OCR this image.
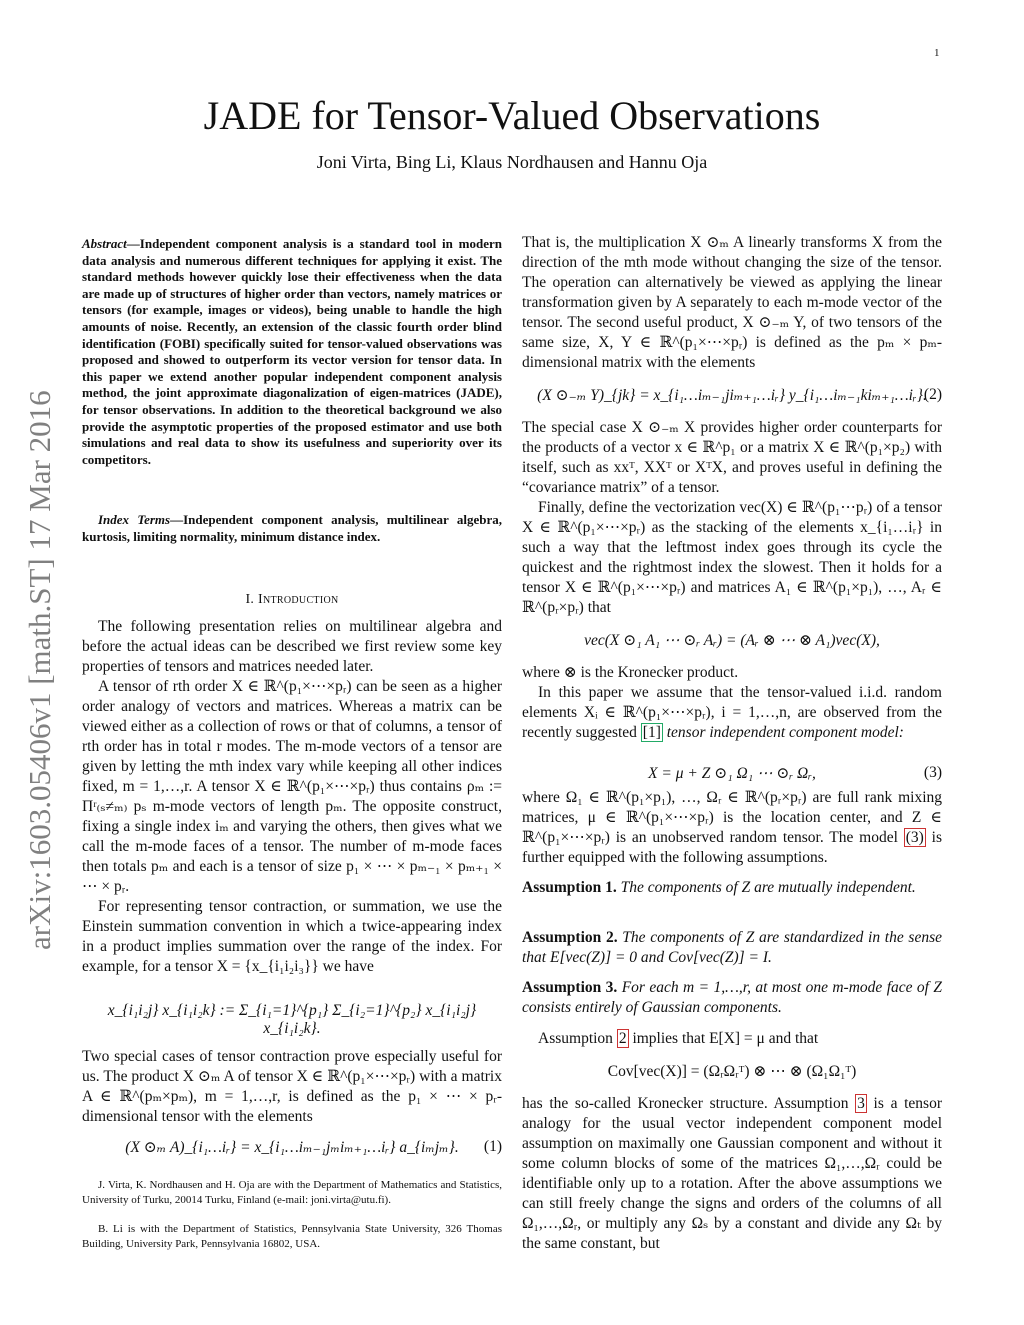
1
JADE for Tensor-Valued Observations
Joni Virta, Bing Li, Klaus Nordhausen and Hannu Oja
arXiv:1603.05406v1 [math.ST] 17 Mar 2016
Abstract—Independent component analysis is a standard tool in modern data analysis and numerous different techniques for applying it exist. The standard methods however quickly lose their effectiveness when the data are made up of structures of higher order than vectors, namely matrices or tensors (for example, images or videos), being unable to handle the high amounts of noise. Recently, an extension of the classic fourth order blind identification (FOBI) specifically suited for tensor-valued observations was proposed and showed to outperform its vector version for tensor data. In this paper we extend another popular independent component analysis method, the joint approximate diagonalization of eigen-matrices (JADE), for tensor observations. In addition to the theoretical background we also provide the asymptotic properties of the proposed estimator and use both simulations and real data to show its usefulness and superiority over its competitors.
Index Terms—Independent component analysis, multilinear algebra, kurtosis, limiting normality, minimum distance index.
I. Introduction
The following presentation relies on multilinear algebra and before the actual ideas can be described we first review some key properties of tensors and matrices needed later.
A tensor of rth order X ∈ ℝ^(p₁×⋯×pᵣ) can be seen as a higher order analogy of vectors and matrices. Whereas a matrix can be viewed either as a collection of rows or that of columns, a tensor of rth order has in total r modes. The m-mode vectors of a tensor are given by letting the mth index vary while keeping all other indices fixed, m = 1,…,r. A tensor X ∈ ℝ^(p₁×⋯×pᵣ) thus contains ρₘ := Πʳ₍ₛ≠ₘ₎ pₛ m-mode vectors of length pₘ. The opposite construct, fixing a single index iₘ and varying the others, then gives what we call the m-mode faces of a tensor. The number of m-mode faces then totals pₘ and each is a tensor of size p₁ × ⋯ × pₘ₋₁ × pₘ₊₁ × ⋯ × pᵣ.
For representing tensor contraction, or summation, we use the Einstein summation convention in which a twice-appearing index in a product implies summation over the range of the index. For example, for a tensor X = {x_{i₁i₂i₃}} we have
x_{i₁i₂j} x_{i₁i₂k} := Σ_{i₁=1}^{p₁} Σ_{i₂=1}^{p₂} x_{i₁i₂j} x_{i₁i₂k}.
Two special cases of tensor contraction prove especially useful for us. The product X ⊙ₘ A of tensor X ∈ ℝ^(p₁×⋯×pᵣ) with a matrix A ∈ ℝ^(pₘ×pₘ), m = 1,…,r, is defined as the p₁ × ⋯ × pᵣ-dimensional tensor with the elements
(X ⊙ₘ A)_{i₁…iᵣ} = x_{i₁…iₘ₋₁jₘiₘ₊₁…iᵣ} a_{iₘjₘ}. (1)
J. Virta, K. Nordhausen and H. Oja are with the Department of Mathematics and Statistics, University of Turku, 20014 Turku, Finland (e-mail: joni.virta@utu.fi).
B. Li is with the Department of Statistics, Pennsylvania State University, 326 Thomas Building, University Park, Pennsylvania 16802, USA.
That is, the multiplication X ⊙ₘ A linearly transforms X from the direction of the mth mode without changing the size of the tensor. The operation can alternatively be viewed as applying the linear transformation given by A separately to each m-mode vector of the tensor. The second useful product, X ⊙₋ₘ Y, of two tensors of the same size, X, Y ∈ ℝ^(p₁×⋯×pᵣ) is defined as the pₘ × pₘ-dimensional matrix with the elements
(X ⊙₋ₘ Y)_{jk} = x_{i₁…iₘ₋₁jiₘ₊₁…iᵣ} y_{i₁…iₘ₋₁kiₘ₊₁…iᵣ}.
(2)
The special case X ⊙₋ₘ X provides higher order counterparts for the products of a vector x ∈ ℝ^p₁ or a matrix X ∈ ℝ^(p₁×p₂) with itself, such as xxᵀ, XXᵀ or XᵀX, and proves useful in defining the “covariance matrix” of a tensor.
Finally, define the vectorization vec(X) ∈ ℝ^(p₁⋯pᵣ) of a tensor X ∈ ℝ^(p₁×⋯×pᵣ) as the stacking of the elements x_{i₁…iᵣ} in such a way that the leftmost index goes through its cycle the quickest and the rightmost index the slowest. Then it holds for a tensor X ∈ ℝ^(p₁×⋯×pᵣ) and matrices A₁ ∈ ℝ^(p₁×p₁), …, Aᵣ ∈ ℝ^(pᵣ×pᵣ) that
vec(X ⊙₁ A₁ ⋯ ⊙ᵣ Aᵣ) = (Aᵣ ⊗ ⋯ ⊗ A₁)vec(X),
where ⊗ is the Kronecker product.
In this paper we assume that the tensor-valued i.i.d. random elements Xᵢ ∈ ℝ^(p₁×⋯×pᵣ), i = 1,…,n, are observed from the recently suggested [1] tensor independent component model:
X = μ + Z ⊙₁ Ω₁ ⋯ ⊙ᵣ Ωᵣ,	(3)
where Ω₁ ∈ ℝ^(p₁×p₁), …, Ωᵣ ∈ ℝ^(pᵣ×pᵣ) are full rank mixing matrices, μ ∈ ℝ^(p₁×⋯×pᵣ) is the location center, and Z ∈ ℝ^(p₁×⋯×pᵣ) is an unobserved random tensor. The model (3) is further equipped with the following assumptions.
Assumption 1. The components of Z are mutually independent.
Assumption 2. The components of Z are standardized in the sense that E[vec(Z)] = 0 and Cov[vec(Z)] = I.
Assumption 3. For each m = 1,…,r, at most one m-mode face of Z consists entirely of Gaussian components.
Assumption 2 implies that E[X] = μ and that
Cov[vec(X)] = (ΩᵣΩᵣᵀ) ⊗ ⋯ ⊗ (Ω₁Ω₁ᵀ)
has the so-called Kronecker structure. Assumption 3 is a tensor analogy for the usual vector independent component model assumption on maximally one Gaussian component and without it some column blocks of some of the matrices Ω₁,…,Ωᵣ could be identifiable only up to a rotation. After the above assumptions we can still freely change the signs and orders of the columns of all Ω₁,…,Ωᵣ, or multiply any Ωₛ by a constant and divide any Ωₜ by the same constant, but
